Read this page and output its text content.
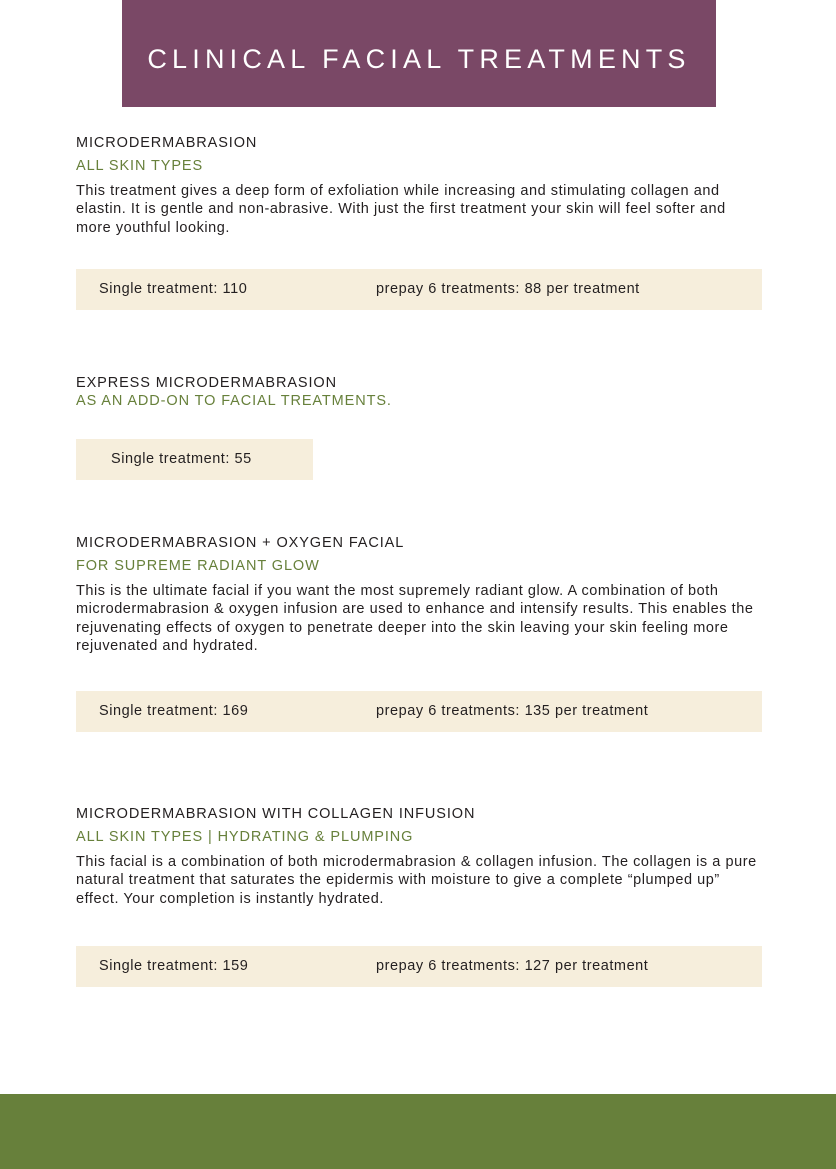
CLINICAL FACIAL TREATMENTS
MICRODERMABRASION
ALL SKIN TYPES
This treatment gives a deep form of exfoliation while increasing and stimulating collagen and elastin. It is gentle and non-abrasive. With just the first treatment your skin will feel softer and more youthful looking.
Single treatment: 110	prepay 6 treatments: 88 per treatment
EXPRESS MICRODERMABRASION
AS AN ADD-ON TO FACIAL TREATMENTS.
Single treatment: 55
MICRODERMABRASION + OXYGEN FACIAL
FOR SUPREME RADIANT GLOW
This is the ultimate facial if you want the most supremely radiant glow. A combination of both microdermabrasion & oxygen infusion are used to enhance and intensify results. This enables the rejuvenating effects of oxygen to penetrate deeper into the skin leaving your skin feeling more rejuvenated and hydrated.
Single treatment: 169	prepay 6 treatments: 135 per treatment
MICRODERMABRASION WITH COLLAGEN INFUSION
ALL SKIN TYPES | HYDRATING & PLUMPING
This facial is a combination of both microdermabrasion & collagen infusion. The collagen is a pure natural treatment that saturates the epidermis with moisture to give a complete “plumped up” effect. Your completion is instantly hydrated.
Single treatment: 159	prepay 6 treatments: 127 per treatment
